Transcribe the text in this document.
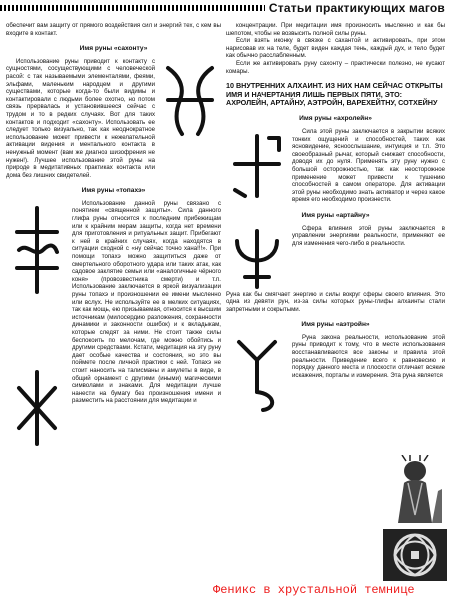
Статьи практикующих магов

обеспечит вам защиту от прямого воздействия сил и энергий тех, с кем вы входите в контакт.

Имя руны «сахонту»

Использование руны приводит к контакту с сущностями, сосуществующими с человеческой расой: с так называемыми элементалями, феями, эльфами, маленьким народцем и другими существами, которые когда-то были видимы и контактировали с людьми более охотно, но потом связь прервалась и установившееся сейчас с трудом и то в редких случаях. Вот для таких контактов и подходит «сахонту». Использовать ее следует только визуально, так как неоднократное использование может привести к нежелательной активации видения и ментального контакта в ненужный момент (вам же диагноз шизофрения не нужен!). Лучшее использование этой руны на природе в медитативных практиках контакта или дома без лишних свидетелей.

Имя руны «топахэ»

Использование данной руны связано с понятием «священной защиты». Сила данного глифа руны относится к последним прибежищам или к крайним мерам защиты, когда нет времени для приготовления и ритуальных защит. Прибегают к ней в крайних случаях, когда находятся в ситуации сходной с «ну сейчас точно хана!!!». При помощи топахэ можно защититься даже от смертельного оборотного удара или таких атак, как садовое заклятие семьи или «аналогичные чёрного коня» (провозвестника смерти) и т.п. Использование заключается в яркой визуализации руны топахэ и произношении ее имени мысленно или вслух. Не используйте ее в мелких ситуациях, так как мощь, ею призываемая, относится к высшим источникам (милосердию разложения, сохранности динамики и законности ошибок) и к вкладыкам, которые следят за ними. Не стоит также силы беспокоить по мелочам, где можно обойтись и другими средствами. Кстати, медитация на эту руну дает особые качества и состояния, но это вы поймете после личной практики с ней. Топахэ не стоит наносить на талисманы и амулеты в виде, в общий орнамент с другими (иными) магическими символами и знаками. Для медитации лучше нанести на бумагу без произношения имени и разместить на расстоянии для медитации и

концентрации. При медитации имя произносить мысленно и как бы шепотом, чтобы не возвысить полной силы руны.

Если взять иконку в связке с сахантой и активировать, при этом нарисовав их на теле, будет виден каждая тень, каждый дух, и тело будет как обычно расслабленным.

Если же активировать руну сахонту – практически полезно, не кусают комары.

10 ВНУТРЕННИХ АЛХАИНТ. ИЗ НИХ НАМ СЕЙЧАС ОТКРЫТЫ ИМЯ И НАЧЕРТАНИЯ ЛИШЬ ПЕРВЫХ ПЯТИ, ЭТО: АХРОЛЕЙН, АРТАЙНУ, АЭТРОЙН, ВАРЕХЕЙТНУ, СОТХЕЙНУ
Имя руны «ахролейн»

Сила этой руны заключается в закрытии всяких тонких ощущений и способностей, таких как ясновидение, ясноослышание, интуиция и т.п. Это своеобразный рычаг, который снижает способности, доводя их до нуля. Применять эту руну нужно с большой осторожностью, так как неосторожное применение может привести к тушению способностей в самом операторе. Для активации этой руны необходимо знать активатор и через какое время его необходимо произнести.

Имя руны «артайну»

Сфера влияния этой руны заключается в управлении энергиями реальности, применяют ее для изменения чего-либо в реальности.

Руна как бы смягчает энергию и силы вокруг сферы своего влияния. Это одна из девяти рун, из-за силы которых руны-глифы алхаинты стали запретными и сокрытыми.

Имя руны «аэтройн»

Руна закона реальности, использование этой руны приводит к тому, что в месте использования восстанавливаются все законы и правила этой реальности. Приведение всего к равновесию и порядку данного места и плоскости отличает всякие искажения, порталы и измерения. Эта руна является

Феникс в хрустальной темнице
